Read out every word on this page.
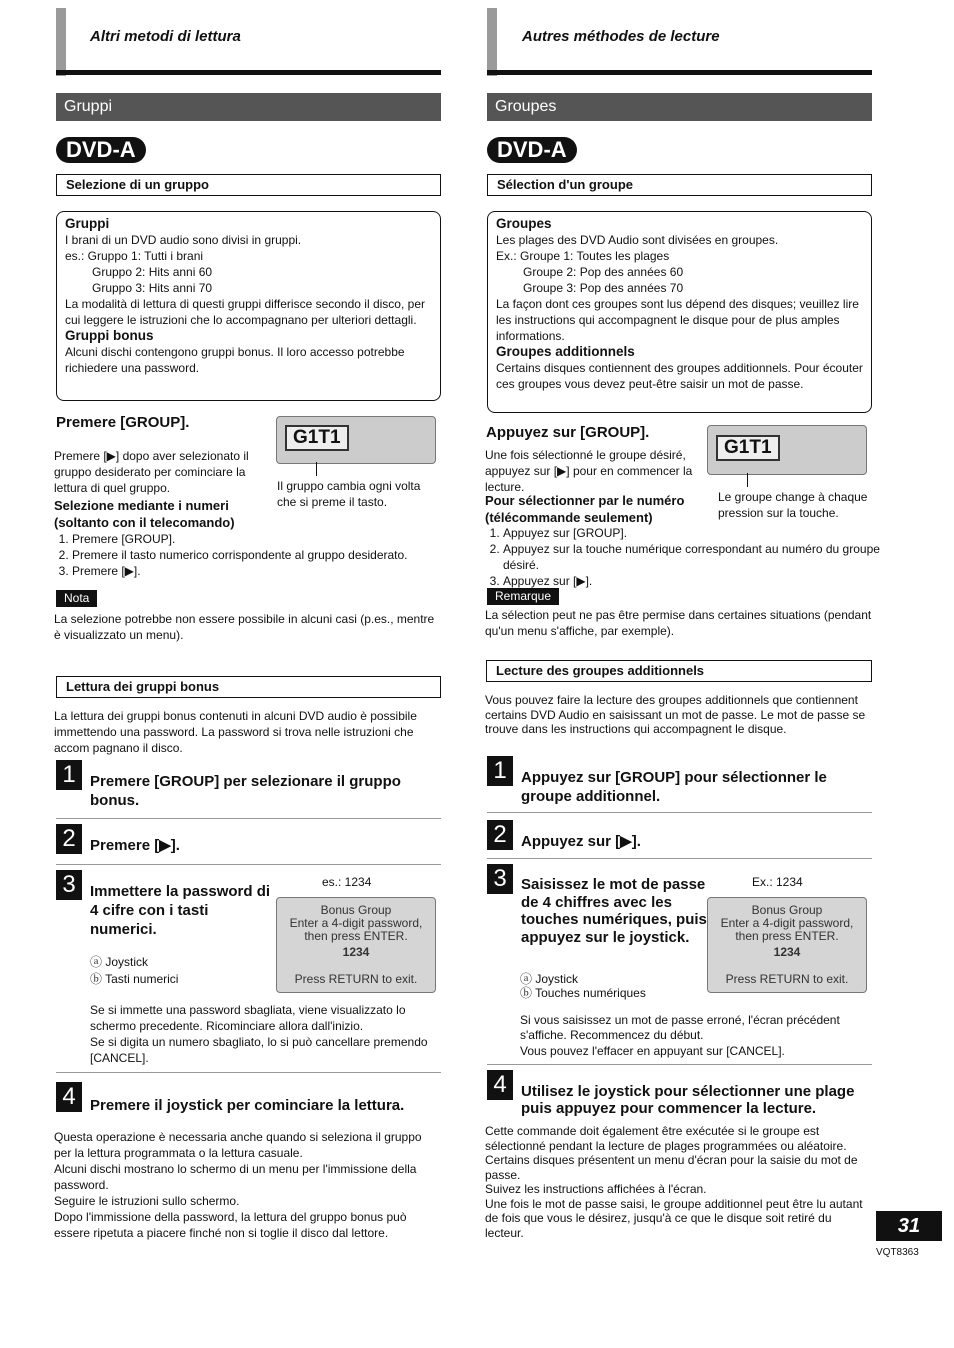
Altri metodi di lettura
Gruppi
DVD-A
Selezione di un gruppo
Gruppi
I brani di un DVD audio sono divisi in gruppi.
es.: Gruppo 1: Tutti i brani
Gruppo 2: Hits anni 60
Gruppo 3: Hits anni 70
La modalità di lettura di questi gruppi differisce secondo il disco, per cui leggere le istruzioni che lo accompagnano per ulteriori dettagli.
Gruppi bonus
Alcuni dischi contengono gruppi bonus. Il loro accesso potrebbe richiedere una password.
Premere [GROUP].
Premere [▶] dopo aver selezionato il gruppo desiderato per cominciare la lettura di quel gruppo.
G1T1
Il gruppo cambia ogni volta che si preme il tasto.
Selezione mediante i numeri (soltanto con il telecomando)
1. Premere [GROUP].
2. Premere il tasto numerico corrispondente al gruppo desiderato.
3. Premere [▶].
Nota
La selezione potrebbe non essere possibile in alcuni casi (p.es., mentre è visualizzato un menu).
Lettura dei gruppi bonus
La lettura dei gruppi bonus contenuti in alcuni DVD audio è possibile immettendo una password. La password si trova nelle istruzioni che accom pagnano il disco.
1 Premere [GROUP] per selezionare il gruppo bonus.
2 Premere [▶].
3 Immettere la password di 4 cifre con i tasti numerici.
es.: 1234
Bonus Group
Enter a 4-digit password,
then press ENTER.
1234
Press RETURN to exit.
ⓐ Joystick
ⓑ Tasti numerici
Se si immette una password sbagliata, viene visualizzato lo schermo precedente. Ricominciare allora dall'inizio.
Se si digita un numero sbagliato, lo si può cancellare premendo [CANCEL].
4 Premere il joystick per cominciare la lettura.
Questa operazione è necessaria anche quando si seleziona il gruppo per la lettura programmata o la lettura casuale.
Alcuni dischi mostrano lo schermo di un menu per l'immissione della password.
Seguire le istruzioni sullo schermo.
Dopo l'immissione della password, la lettura del gruppo bonus può essere ripetuta a piacere finché non si toglie il disco dal lettore.
Autres méthodes de lecture
Groupes
DVD-A
Sélection d'un groupe
Groupes
Les plages des DVD Audio sont divisées en groupes.
Ex.: Groupe 1: Toutes les plages
Groupe 2: Pop des années 60
Groupe 3: Pop des années 70
La façon dont ces groupes sont lus dépend des disques; veuillez lire les instructions qui accompagnent le disque pour de plus amples informations.
Groupes additionnels
Certains disques contiennent des groupes additionnels. Pour écouter ces groupes vous devez peut-être saisir un mot de passe.
Appuyez sur [GROUP].
Une fois sélectionné le groupe désiré, appuyez sur [▶] pour en commencer la lecture.
G1T1
Le groupe change à chaque pression sur la touche.
Pour sélectionner par le numéro (télécommande seulement)
1. Appuyez sur [GROUP].
2. Appuyez sur la touche numérique correspondant au numéro du groupe désiré.
3. Appuyez sur [▶].
Remarque
La sélection peut ne pas être permise dans certaines situations (pendant qu'un menu s'affiche, par exemple).
Lecture des groupes additionnels
Vous pouvez faire la lecture des groupes additionnels que contiennent certains DVD Audio en saisissant un mot de passe. Le mot de passe se trouve dans les instructions qui accompagnent le disque.
1 Appuyez sur [GROUP] pour sélectionner le groupe additionnel.
2 Appuyez sur [▶].
3 Saisissez le mot de passe de 4 chiffres avec les touches numériques, puis appuyez sur le joystick.
Ex.: 1234
Bonus Group
Enter a 4-digit password,
then press ENTER.
1234
Press RETURN to exit.
ⓐ Joystick
ⓑ Touches numériques
Si vous saisissez un mot de passe erroné, l'écran précédent s'affiche. Recommencez du début.
Vous pouvez l'effacer en appuyant sur [CANCEL].
4 Utilisez le joystick pour sélectionner une plage puis appuyez pour commencer la lecture.
Cette commande doit également être exécutée si le groupe est sélectionné pendant la lecture de plages programmées ou aléatoire.
Certains disques présentent un menu d'écran pour la saisie du mot de passe.
Suivez les instructions affichées à l'écran.
Une fois le mot de passe saisi, le groupe additionnel peut être lu autant de fois que vous le désirez, jusqu'à ce que le disque soit retiré du lecteur.	31
VQT8363
